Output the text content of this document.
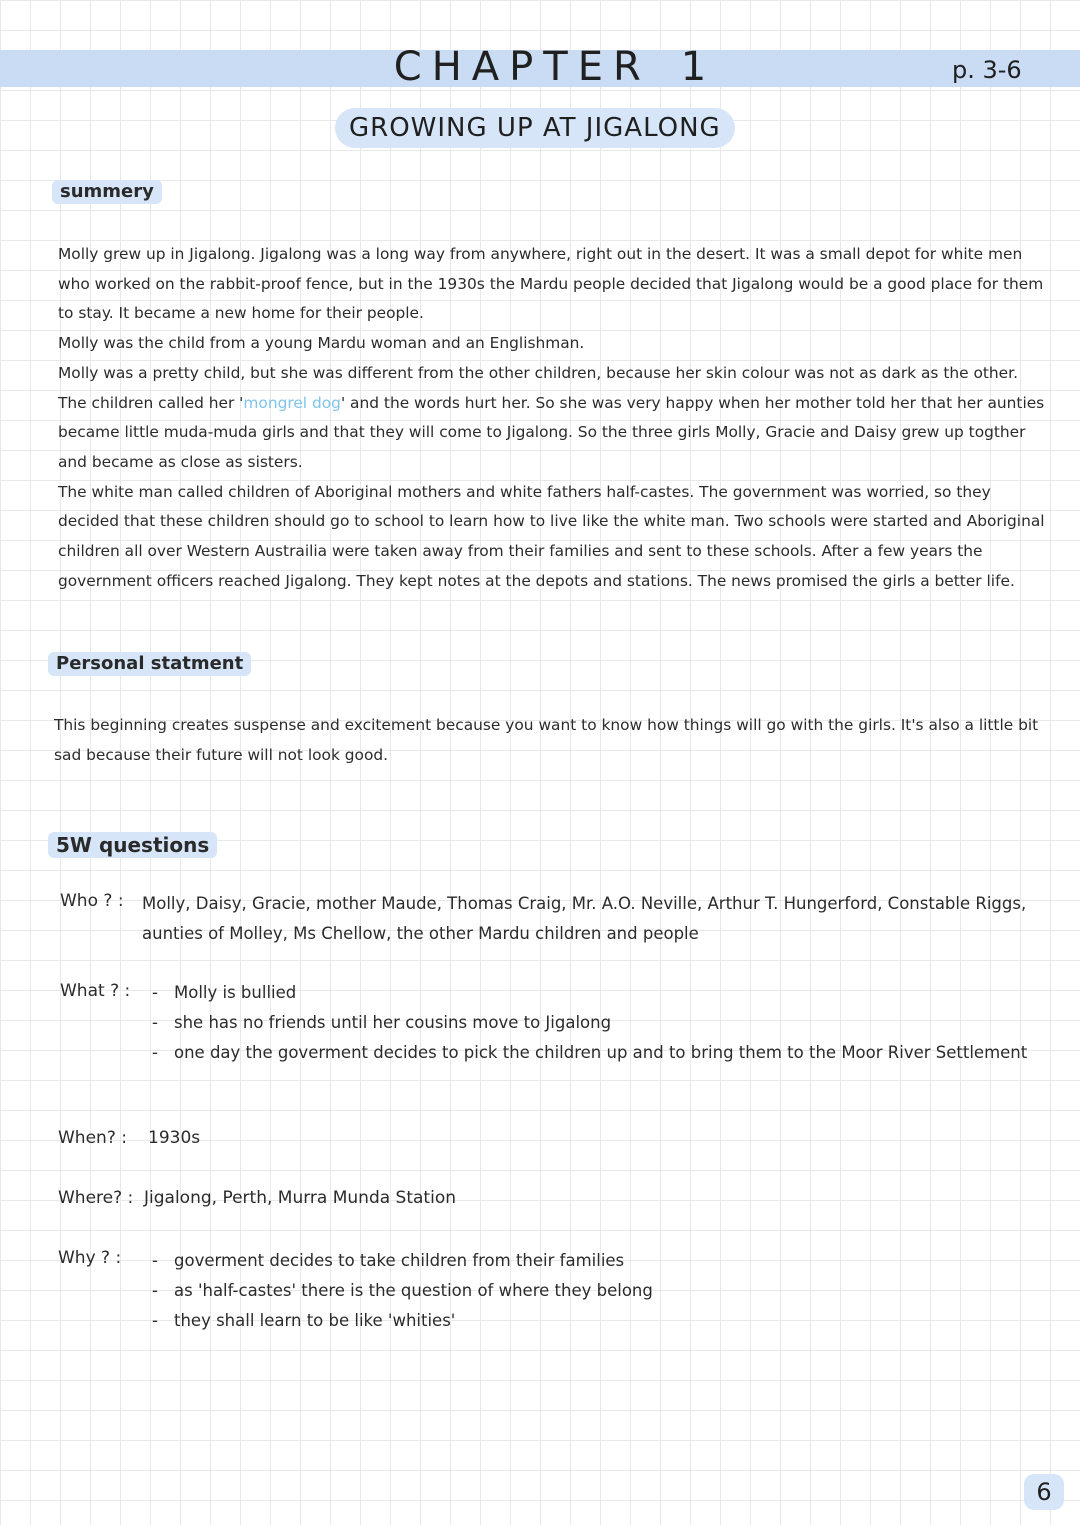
CHAPTER 1	p. 3-6
GROWING UP AT JIGALONG
summery

Molly grew up in Jigalong. Jigalong was a long way from anywhere, right out in the desert. It was a small depot for white men who worked on the rabbit-proof fence, but in the 1930s the Mardu people decided that Jigalong would be a good place for them to stay. It became a new home for their people.

Molly was the child from a young Mardu woman and an Englishman.

Molly was a pretty child, but she was different from the other children, because her skin colour was not as dark as the other. The children called her 'mongrel dog' and the words hurt her. So she was very happy when her mother told her that her aunties became little muda-muda girls and that they will come to Jigalong. So the three girls Molly, Gracie and Daisy grew up togther and became as close as sisters.

The white man called children of Aboriginal mothers and white fathers half-castes. The government was worried, so they decided that these children should go to school to learn how to live like the white man. Two schools were started and Aboriginal children all over Western Austrailia were taken away from their families and sent to these schools. After a few years the government officers reached Jigalong. They kept notes at the depots and stations. The news promised the girls a better life.

Personal statment

This beginning creates suspense and excitement because you want to know how things will go with the girls. It's also a little bit sad because their future will not look good.

5W questions
Who ? : Molly, Daisy, Gracie, mother Maude, Thomas Craig, Mr. A.O. Neville, Arthur T. Hungerford, Constable Riggs, aunties of Molley, Ms Chellow, the other Mardu children and people
What ? :	- Molly is bullied
- she has no friends until her cousins move to Jigalong
- one day the goverment decides to pick the children up and to bring them to the Moor River Settlement
When? : 1930s
Where? : Jigalong, Perth, Murra Munda Station
Why ? :	- goverment decides to take children from their families
- as 'half-castes' there is the question of where they belong
- they shall learn to be like 'whities'
6
